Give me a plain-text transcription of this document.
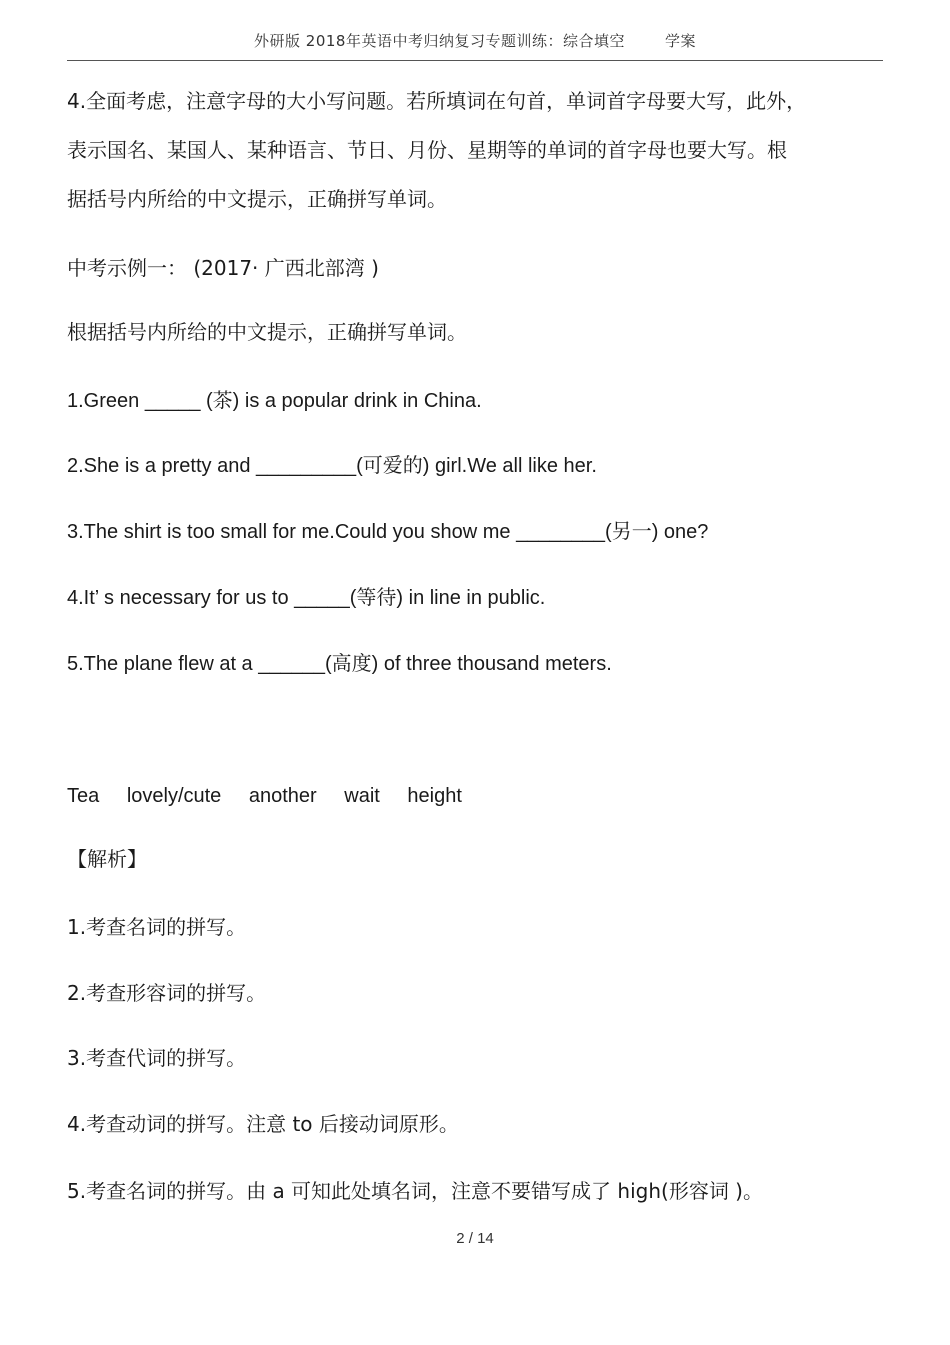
外研版 2018年英语中考归纳复习专题训练：综合填空	学案
4.全面考虑，注意字母的大小写问题。若所填词在句首，单词首字母要大写，此外，
表示国名、某国人、某种语言、节日、月份、星期等的单词的首字母也要大写。根
据括号内所给的中文提示，正确拼写单词。
中考示例一： (2017· 广西北部湾 )
根据括号内所给的中文提示，正确拼写单词。
1.Green _____ (茶) is a popular drink in China.
2.She is a pretty and _________(可爱的) girl.We all like her.
3.The shirt is too small for me.Could you show me ________(另一) one?
4.It’ s necessary for us to _____(等待) in line in public.
5.The plane flew at a ______(高度) of three thousand meters.
Tea lovely/cute another wait height
【解析】
1.考查名词的拼写。
2.考查形容词的拼写。
3.考查代词的拼写。
4.考查动词的拼写。注意 to 后接动词原形。
5.考查名词的拼写。由 a 可知此处填名词，注意不要错写成了 high(形容词 )。
2 / 14
